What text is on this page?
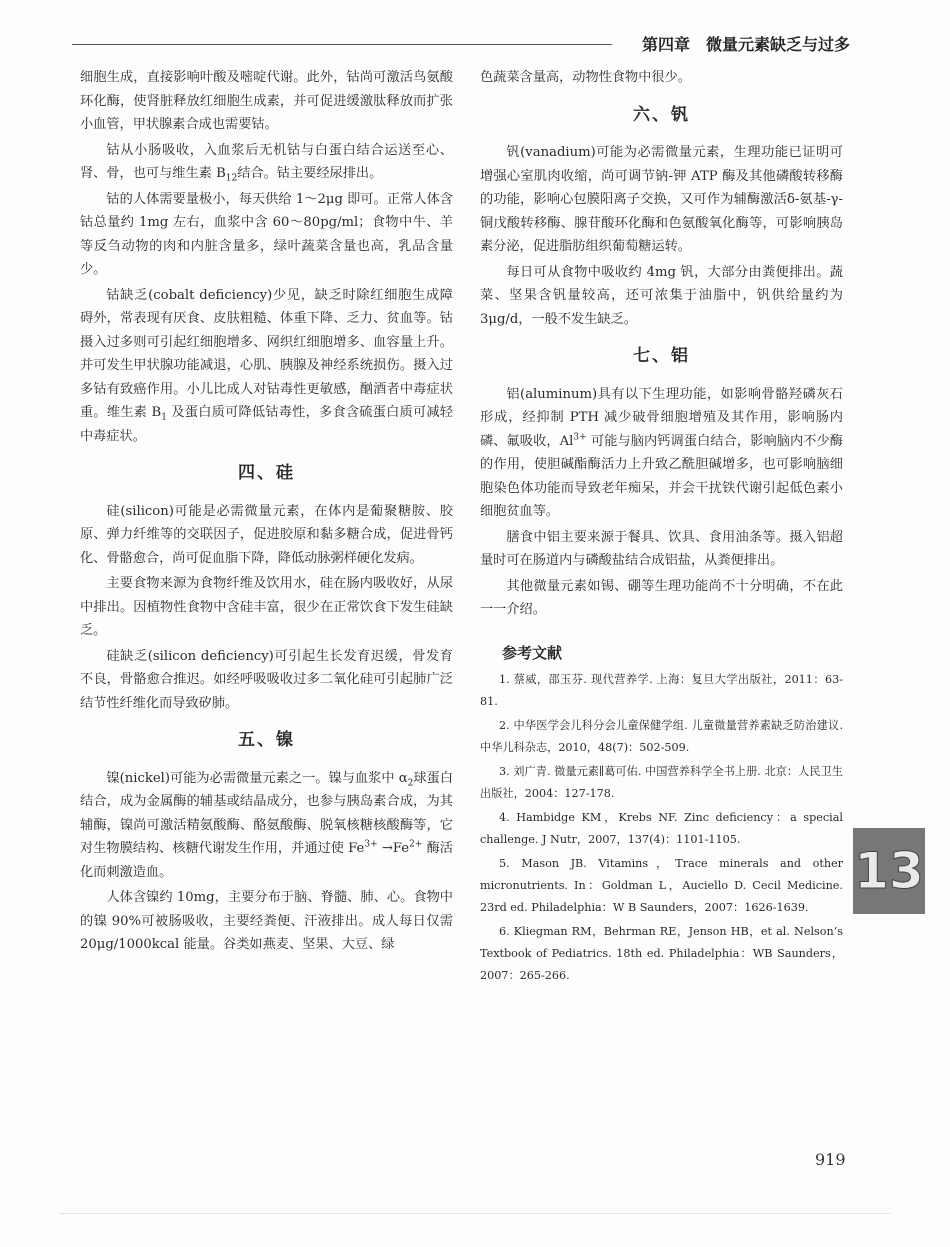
第四章　微量元素缺乏与过多

细胞生成，直接影响叶酸及嘧啶代谢。此外，钴尚可激活鸟氨酸环化酶，使肾脏释放红细胞生成素，并可促进缓激肽释放而扩张小血管，甲状腺素合成也需要钴。

钴从小肠吸收，入血浆后无机钴与白蛋白结合运送至心、肾、骨，也可与维生素 $B_{12}$结合。钴主要经尿排出。

钴的人体需要量极小，每天供给 1～2μg 即可。正常人体含钴总量约 1mg 左右，血浆中含 60～80pg/ml；食物中牛、羊等反刍动物的肉和内脏含量多，绿叶蔬菜含量也高，乳品含量少。

钴缺乏(cobalt deficiency)少见，缺乏时除红细胞生成障碍外，常表现有厌食、皮肤粗糙、体重下降、乏力、贫血等。钴摄入过多则可引起红细胞增多、网织红细胞增多、血容量上升。并可发生甲状腺功能减退，心肌、胰腺及神经系统损伤。摄入过多钴有致癌作用。小儿比成人对钴毒性更敏感，酗酒者中毒症状重。维生素 $B_1$ 及蛋白质可降低钴毒性，多食含硫蛋白质可减轻中毒症状。

四、硅

硅(silicon)可能是必需微量元素，在体内是葡聚糖胺、胶原、弹力纤维等的交联因子，促进胶原和黏多糖合成，促进骨钙化、骨骼愈合，尚可促血脂下降，降低动脉粥样硬化发病。

主要食物来源为食物纤维及饮用水，硅在肠内吸收好，从尿中排出。因植物性食物中含硅丰富，很少在正常饮食下发生硅缺乏。

硅缺乏(silicon deficiency)可引起生长发育迟缓，骨发育不良，骨骼愈合推迟。如经呼吸吸收过多二氧化硅可引起肺广泛结节性纤维化而导致矽肺。

五、镍

镍(nickel)可能为必需微量元素之一。镍与血浆中 $\alpha_2$球蛋白结合，成为金属酶的辅基或结晶成分，也参与胰岛素合成，为其辅酶，镍尚可激活精氨酸酶、酪氨酸酶、脱氧核糖核酸酶等，它对生物膜结构、核糖代谢发生作用，并通过使 $Fe^{3+} \to Fe^{2+}$ 酶活化而刺激造血。

人体含镍约 10mg，主要分布于脑、脊髓、肺、心。食物中的镍 90%可被肠吸收，主要经粪便、汗液排出。成人每日仅需 20μg/1000kcal 能量。谷类如燕麦、坚果、大豆、绿

色蔬菜含量高，动物性食物中很少。

六、钒

钒(vanadium)可能为必需微量元素，生理功能已证明可增强心室肌肉收缩，尚可调节钠-钾 ATP 酶及其他磷酸转移酶的功能，影响心包膜阳离子交换，又可作为辅酶激活δ-氨基-γ-铜戊酸转移酶、腺苷酸环化酶和色氨酸氧化酶等，可影响胰岛素分泌，促进脂肪组织葡萄糖运转。

每日可从食物中吸收约 4mg 钒，大部分由粪便排出。蔬菜、坚果含钒量较高，还可浓集于油脂中，钒供给量约为 3μg/d，一般不发生缺乏。

七、铝

铝(aluminum)具有以下生理功能，如影响骨骼羟磷灰石形成，经抑制 PTH 减少破骨细胞增殖及其作用，影响肠内磷、氟吸收，$Al^{3+}$ 可能与脑内钙调蛋白结合，影响脑内不少酶的作用，使胆碱酯酶活力上升致乙酰胆碱增多，也可影响脑细胞染色体功能而导致老年痴呆，并会干扰铁代谢引起低色素小细胞贫血等。

膳食中铝主要来源于餐具、饮具、食用油条等。摄入铝超量时可在肠道内与磷酸盐结合成铝盐，从粪便排出。

其他微量元素如锡、硼等生理功能尚不十分明确，不在此一一介绍。

参考文献

1. 蔡威，邵玉芬. 现代营养学. 上海：复旦大学出版社，2011：63-81.

2. 中华医学会儿科分会儿童保健学组. 儿童微量营养素缺乏防治建议. 中华儿科杂志，2010，48(7)：502-509.

3. 刘广青. 微量元素∥葛可佑. 中国营养科学全书上册. 北京：人民卫生出版社，2004：127-178.

4. Hambidge KM，Krebs NF. Zinc deficiency：a special challenge. J Nutr，2007，137(4)：1101-1105.

5. Mason JB. Vitamins，Trace minerals and other micronutrients. In：Goldman L，Auciello D. Cecil Medicine. 23rd ed. Philadelphia：W B Saunders，2007：1626-1639.

6. Kliegman RM，Behrman RE，Jenson HB，et al. Nelson’s Textbook of Pediatrics. 18th ed. Philadelphia：WB Saunders，2007：265-266.

13
919
